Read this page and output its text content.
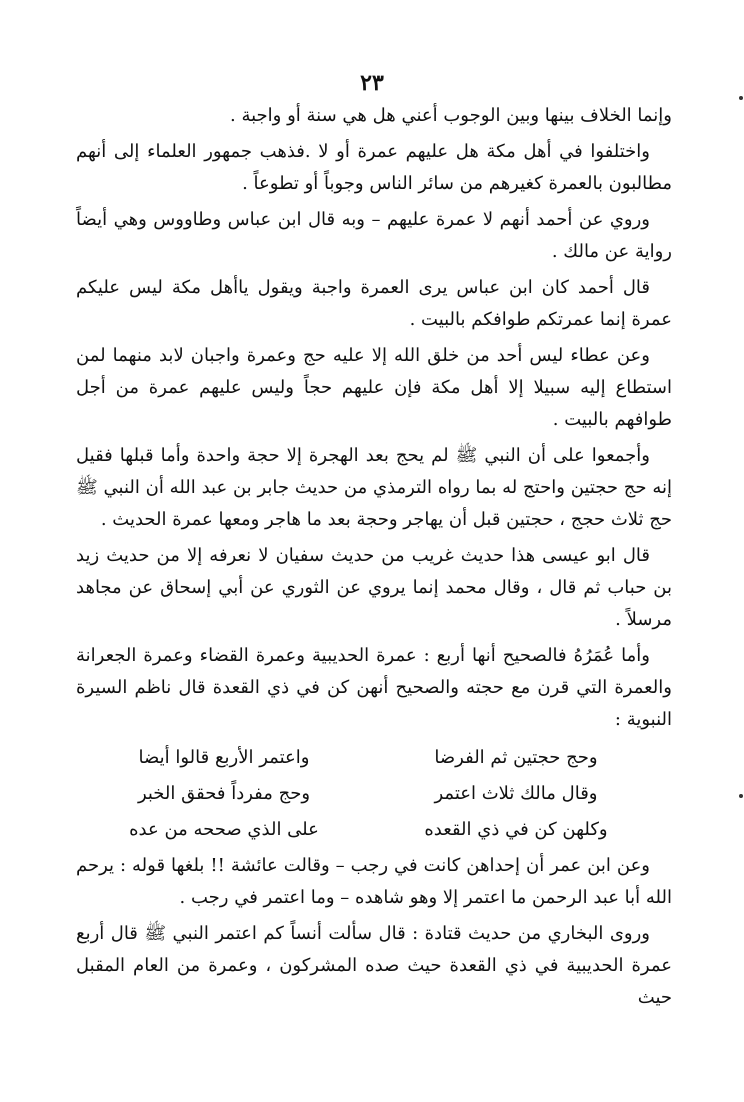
٢٣

وإنما الخلاف بينها وبين الوجوب أعني هل هي سنة أو واجبة .

واختلفوا في أهل مكة هل عليهم عمرة أو لا .فذهب جمهور العلماء إلى أنهم مطالبون بالعمرة كغيرهم من سائر الناس وجوباً أو تطوعاً .

وروي عن أحمد أنهم لا عمرة عليهم – وبه قال ابن عباس وطاووس وهي أيضاً رواية عن مالك .

قال أحمد كان ابن عباس يرى العمرة واجبة ويقول ياأهل مكة ليس عليكم عمرة إنما عمرتكم طوافكم بالبيت .

وعن عطاء ليس أحد من خلق الله إلا عليه حج وعمرة واجبان لابد منهما لمن استطاع إليه سبيلا إلا أهل مكة فإن عليهم حجاً وليس عليهم عمرة من أجل طوافهم بالبيت .

وأجمعوا على أن النبي ﷺ لم يحج بعد الهجرة إلا حجة واحدة وأما قبلها فقيل إنه حج حجتين واحتج له بما رواه الترمذي من حديث جابر بن عبد الله أن النبي ﷺ حج ثلاث حجج ، حجتين قبل أن يهاجر وحجة بعد ما هاجر ومعها عمرة الحديث .

قال ابو عيسى هذا حديث غريب من حديث سفيان لا نعرفه إلا من حديث زيد بن حباب ثم قال ، وقال محمد إنما يروي عن الثوري عن أبي إسحاق عن مجاهد مرسلاً .

وأما عُمَرُهُ فالصحيح أنها أربع : عمرة الحديبية وعمرة القضاء وعمرة الجعرانة والعمرة التي قرن مع حجته والصحيح أنهن كن في ذي القعدة قال ناظم السيرة النبوية :

وحج حجتين ثم الفرضا
واعتمر الأربع قالوا أيضا
وقال مالك ثلاث اعتمر
وحج مفرداً فحقق الخبر
وكلهن كن في ذي القعده
على الذي صححه من عده

وعن ابن عمر أن إحداهن كانت في رجب – وقالت عائشة !! بلغها قوله : يرحم الله أبا عبد الرحمن ما اعتمر إلا وهو شاهده – وما اعتمر في رجب .

وروى البخاري من حديث قتادة : قال سألت أنساً كم اعتمر النبي ﷺ قال أربع عمرة الحديبية في ذي القعدة حيث صده المشركون ، وعمرة من العام المقبل حيث
